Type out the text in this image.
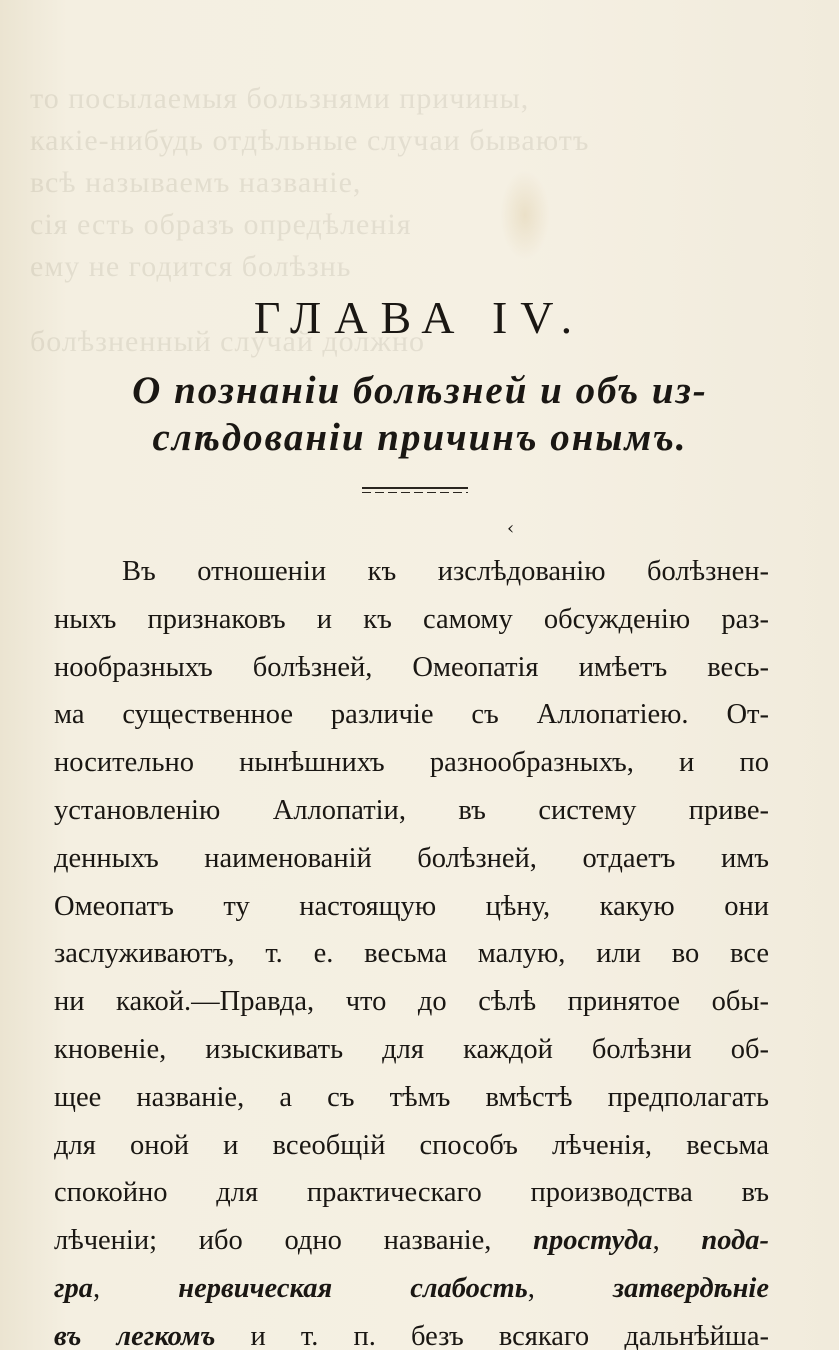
то посылаемыя бользнями причины,
какіе-нибудь отдѣльные случаи бываютъ
всѣ называемъ названіе,
сія есть образъ опредѣленія
ему не годится болѣзнь
болѣзненный случай должно
ГЛАВА IV.
О познаніи болѣзней и объ из-
слѣдованіи причинъ онымъ.
‹
Въ отношеніи къ изслѣдованію болѣзнен-
ныхъ признаковъ и къ самому обсужденію раз-
нообразныхъ болѣзней, Омеопатія имѣетъ весь-
ма существенное различіе съ Аллопатіею. От-
носительно нынѣшнихъ разнообразныхъ, и по
установленію Аллопатіи, въ систему приве-
денныхъ наименованій болѣзней, отдаетъ имъ
Омеопатъ ту настоящую цѣну, какую они
заслуживаютъ, т. е. весьма малую, или во все
ни какой.—Правда, что до сѣлѣ принятое обы-
кновеніе, изыскивать для каждой болѣзни об-
щее названіе, а съ тѣмъ вмѣстѣ предполагать
для оной и всеобщій способъ лѣченія, весьма
спокойно для практическаго производства въ
лѣченіи; ибо одно названіе, простуда, пода-
гра, нервическая слабость, затвердѣніе
въ легкомъ и т. п. безъ всякаго дальнѣйша-
